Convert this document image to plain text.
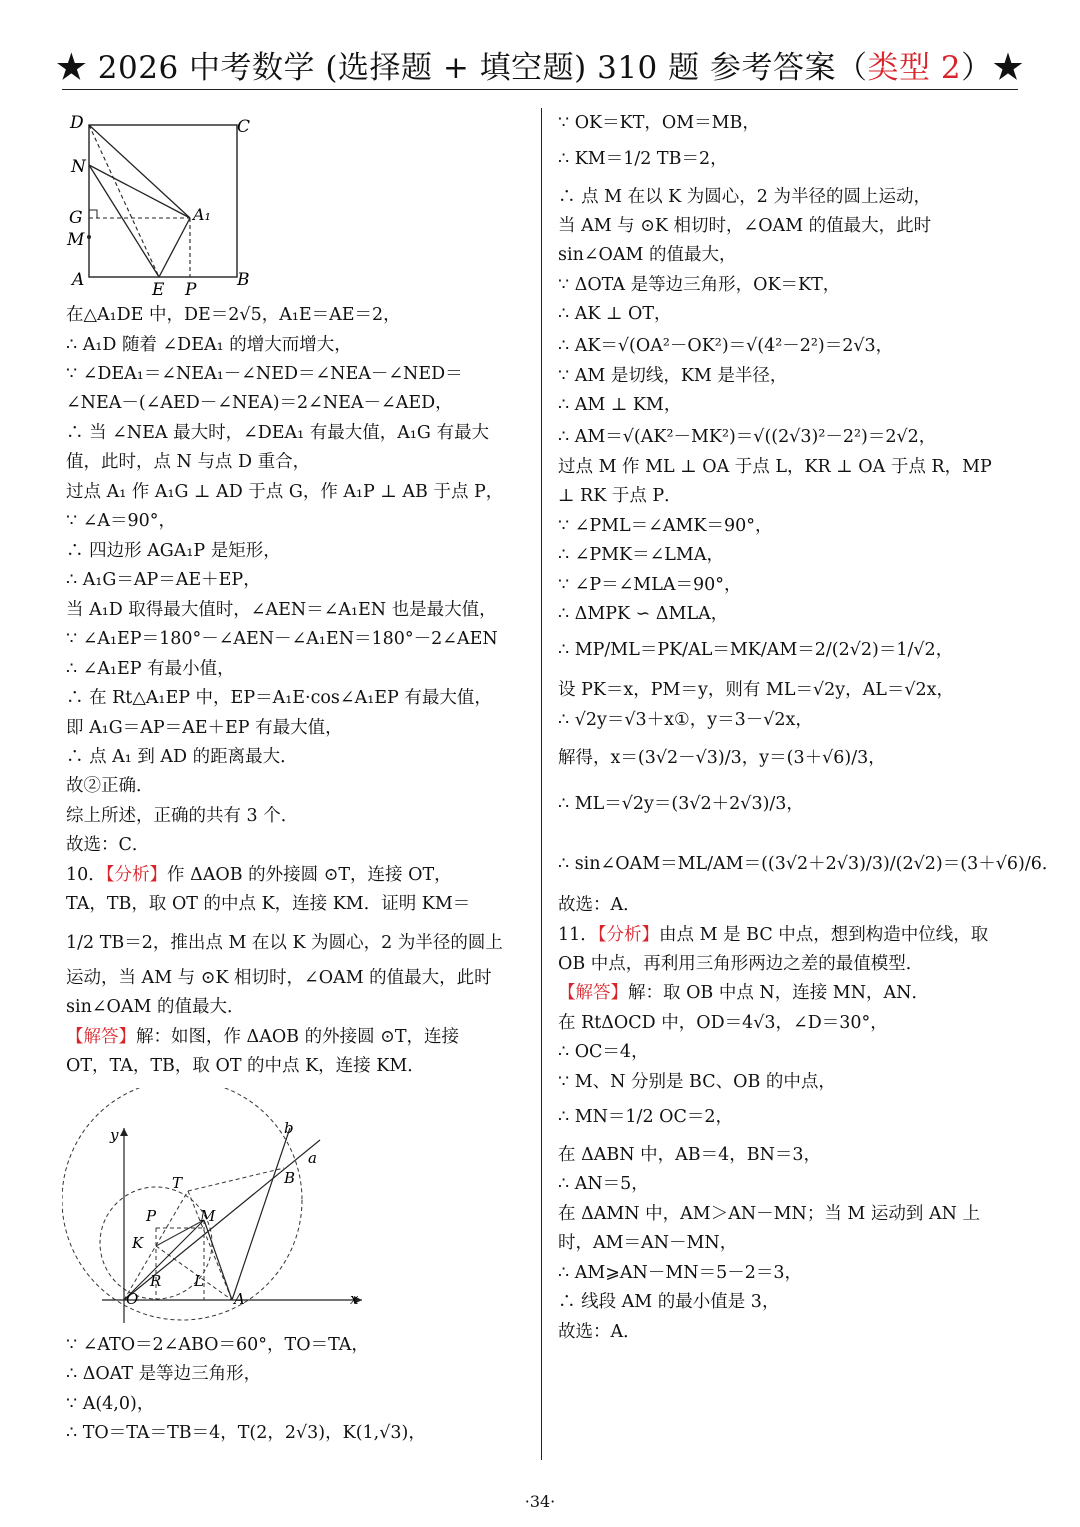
★ 2026 中考数学 (选择题 + 填空题) 310 题 参考答案（类型 2）★
D	C
N
G	A₁
M
A	E P B
在△A₁DE 中，DE＝2√5，A₁E＝AE＝2，
∴ A₁D 随着 ∠DEA₁ 的增大而增大，
∵ ∠DEA₁＝∠NEA₁－∠NED＝∠NEA－∠NED＝
∠NEA－(∠AED－∠NEA)＝2∠NEA－∠AED，
∴ 当 ∠NEA 最大时，∠DEA₁ 有最大值，A₁G 有最大
值，此时，点 N 与点 D 重合，
过点 A₁ 作 A₁G ⊥ AD 于点 G，作 A₁P ⊥ AB 于点 P，
∵ ∠A＝90°，
∴ 四边形 AGA₁P 是矩形，
∴ A₁G＝AP＝AE＋EP，
当 A₁D 取得最大值时，∠AEN＝∠A₁EN 也是最大值，
∵ ∠A₁EP＝180°－∠AEN－∠A₁EN＝180°－2∠AEN
∴ ∠A₁EP 有最小值，
∴ 在 Rt△A₁EP 中，EP＝A₁E·cos∠A₁EP 有最大值，
即 A₁G＝AP＝AE＋EP 有最大值，
∴ 点 A₁ 到 AD 的距离最大．
故②正确．
综上所述，正确的共有 3 个．
故选：C．
10．【分析】作 ΔAOB 的外接圆 ⊙T，连接 OT，
TA，TB，取 OT 的中点 K，连接 KM．证明 KM＝
1/2 TB＝2，推出点 M 在以 K 为圆心，2 为半径的圆上
运动，当 AM 与 ⊙K 相切时，∠OAM 的值最大，此时
sin∠OAM 的值最大．
【解答】解：如图，作 ΔAOB 的外接圆 ⊙T，连接
OT，TA，TB，取 OT 的中点 K，连接 KM．
y	b
a
B
T
P	M
K
R L
O	A	x
∵ ∠ATO＝2∠ABO＝60°，TO＝TA，
∴ ΔOAT 是等边三角形，
∵ A(4,0)，
∴ TO＝TA＝TB＝4，T(2，2√3)，K(1,√3)，
∵ OK＝KT，OM＝MB，
∴ KM＝1/2 TB＝2，
∴ 点 M 在以 K 为圆心，2 为半径的圆上运动，
当 AM 与 ⊙K 相切时，∠OAM 的值最大，此时
sin∠OAM 的值最大，
∵ ΔOTA 是等边三角形，OK＝KT，
∴ AK ⊥ OT，
∴ AK＝√(OA²－OK²)＝√(4²－2²)＝2√3，
∵ AM 是切线，KM 是半径，
∴ AM ⊥ KM，
∴ AM＝√(AK²－MK²)＝√((2√3)²－2²)＝2√2，
过点 M 作 ML ⊥ OA 于点 L，KR ⊥ OA 于点 R，MP
⊥ RK 于点 P．
∵ ∠PML＝∠AMK＝90°，
∴ ∠PMK＝∠LMA，
∵ ∠P＝∠MLA＝90°，
∴ ΔMPK ∽ ΔMLA，
∴ MP/ML＝PK/AL＝MK/AM＝2/(2√2)＝1/√2，
设 PK＝x，PM＝y，则有 ML＝√2y，AL＝√2x，
∴ √2y＝√3＋x①，y＝3－√2x，
解得，x＝(3√2－√3)/3，y＝(3＋√6)/3，
∴ ML＝√2y＝(3√2＋2√3)/3，
∴ sin∠OAM＝ML/AM＝((3√2＋2√3)/3)/(2√2)＝(3＋√6)/6．
故选：A．
11．【分析】由点 M 是 BC 中点，想到构造中位线，取
OB 中点，再利用三角形两边之差的最值模型．
【解答】解：取 OB 中点 N，连接 MN，AN．
在 RtΔOCD 中，OD＝4√3，∠D＝30°，
∴ OC＝4，
∵ M、N 分别是 BC、OB 的中点，
∴ MN＝1/2 OC＝2，
在 ΔABN 中，AB＝4，BN＝3，
∴ AN＝5，
在 ΔAMN 中，AM＞AN－MN；当 M 运动到 AN 上
时，AM＝AN－MN，
∴ AM⩾AN－MN＝5－2＝3，
∴ 线段 AM 的最小值是 3，
故选：A．
·34·
